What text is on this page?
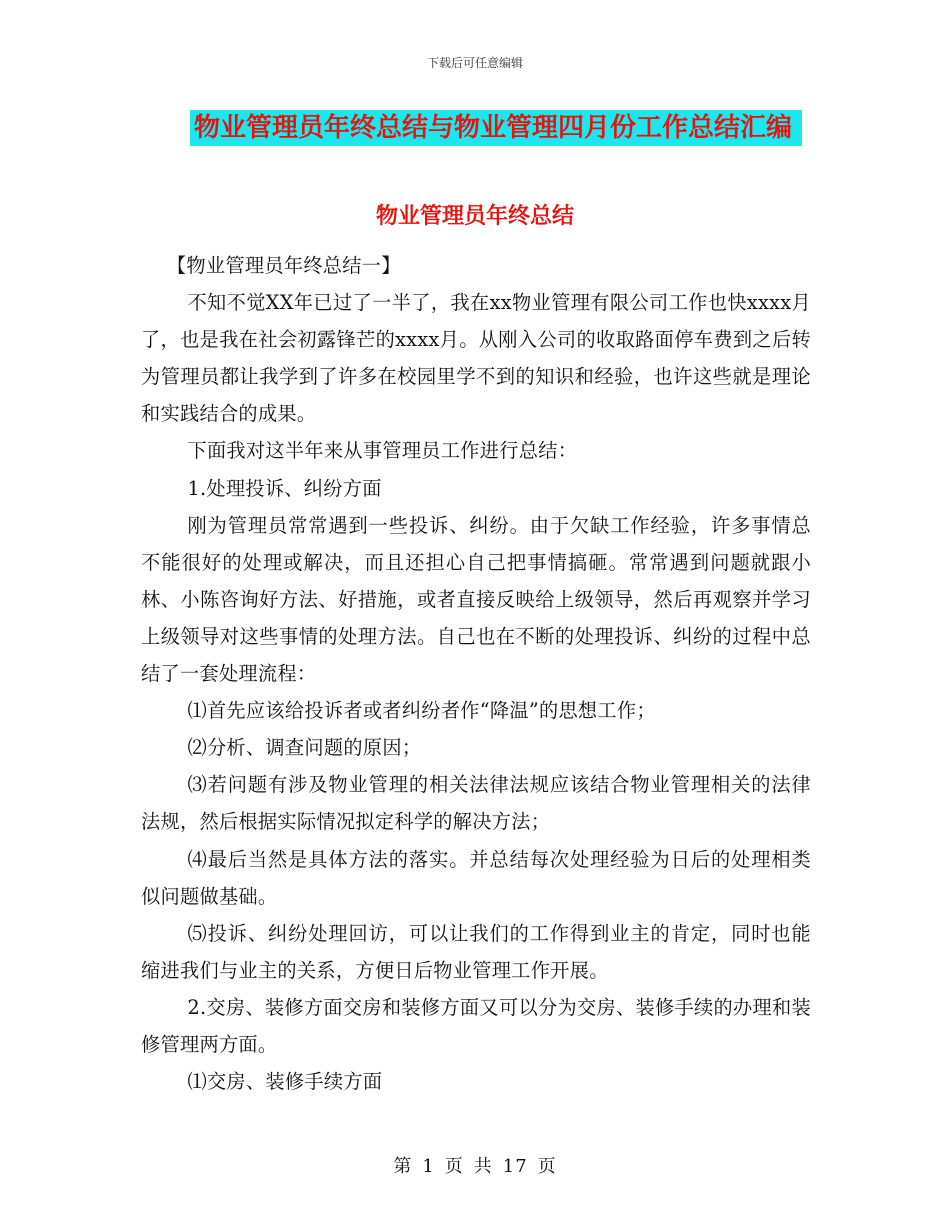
下载后可任意编辑
物业管理员年终总结与物业管理四月份工作总结汇编
物业管理员年终总结

【物业管理员年终总结一】

不知不觉XX年已过了一半了，我在xx物业管理有限公司工作也快xxxx月了，也是我在社会初露锋芒的xxxx月。从刚入公司的收取路面停车费到之后转为管理员都让我学到了许多在校园里学不到的知识和经验，也许这些就是理论和实践结合的成果。

下面我对这半年来从事管理员工作进行总结：

1.处理投诉、纠纷方面

刚为管理员常常遇到一些投诉、纠纷。由于欠缺工作经验，许多事情总不能很好的处理或解决，而且还担心自己把事情搞砸。常常遇到问题就跟小林、小陈咨询好方法、好措施，或者直接反映给上级领导，然后再观察并学习上级领导对这些事情的处理方法。自己也在不断的处理投诉、纠纷的过程中总结了一套处理流程：

⑴首先应该给投诉者或者纠纷者作“降温”的思想工作；

⑵分析、调查问题的原因；

⑶若问题有涉及物业管理的相关法律法规应该结合物业管理相关的法律法规，然后根据实际情况拟定科学的解决方法；

⑷最后当然是具体方法的落实。并总结每次处理经验为日后的处理相类似问题做基础。

⑸投诉、纠纷处理回访，可以让我们的工作得到业主的肯定，同时也能缩进我们与业主的关系，方便日后物业管理工作开展。

2.交房、装修方面交房和装修方面又可以分为交房、装修手续的办理和装修管理两方面。

⑴交房、装修手续方面

第 1 页 共 17 页
